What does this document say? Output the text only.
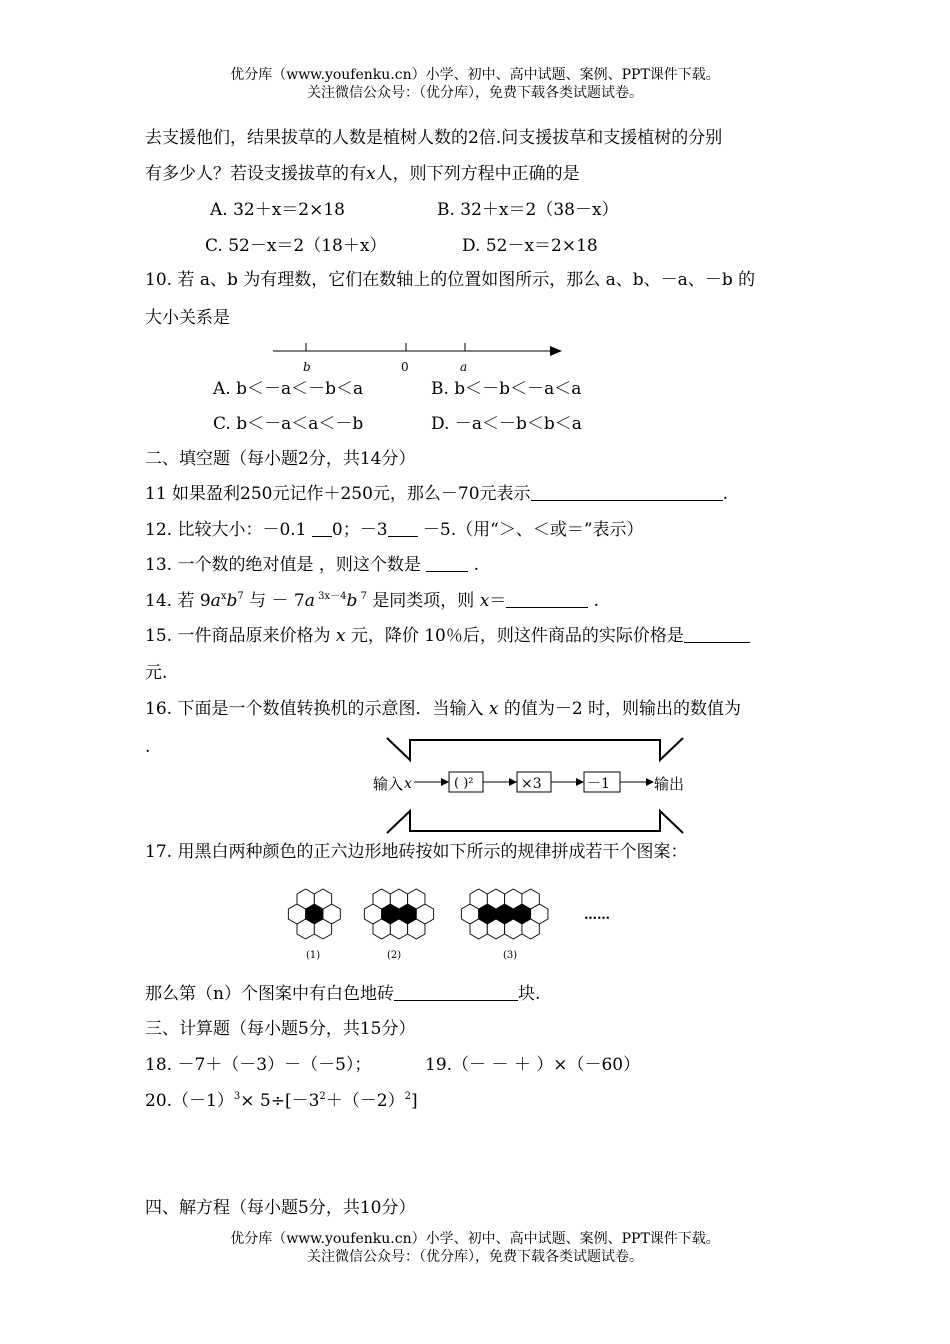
优分库（www.youfenku.cn）小学、初中、高中试题、案例、PPT课件下载。
关注微信公众号：（优分库），免费下载各类试题试卷。
去支援他们，结果拔草的人数是植树人数的2倍.问支援拔草和支援植树的分别
有多少人？若设支援拔草的有x人，则下列方程中正确的是
A. 32＋x＝2×18	B. 32＋x＝2（38－x）
C. 52－x＝2（18＋x）	D. 52－x＝2×18
10. 若 a、b 为有理数，它们在数轴上的位置如图所示，那么 a、b、－a、－b 的
大小关系是
b	0	a
A. b＜－a＜－b＜a	B. b＜－b＜－a＜a
C. b＜－a＜a＜－b	D. －a＜－b＜b＜a
二、填空题（每小题2分，共14分）
11 如果盈利250元记作＋250元，那么－70元表示	.
12. 比较大小：－0.1 0；－3 －5.（用“＞、＜或＝”表示）
13. 一个数的绝对值是 ，则这个数是  .
14. 若 $9a^xb^7$ 与 － 7a $^{3x-4}$b $^7$ 是同类项，则 x＝	.
15. 一件商品原来价格为 x 元，降价 10％后，则这件商品的实际价格是
元.
16. 下面是一个数值转换机的示意图．当输入 x 的值为－2 时，则输出的数值为
.
输入 x	( )²	×3	－1	输出
17. 用黑白两种颜色的正六边形地砖按如下所示的规律拼成若干个图案：
(1)	(2)	(3)
……
那么第（n）个图案中有白色地砖	块.
三、计算题（每小题5分，共15分）
18. －7＋（－3）－（－5）；	19.（－ － ＋ ）×（－60）
$20.(-1)^3\times 5\div[-3^2+(-2)^2]$
四、解方程（每小题5分，共10分）
优分库（www.youfenku.cn）小学、初中、高中试题、案例、PPT课件下载。
关注微信公众号：（优分库），免费下载各类试题试卷。
